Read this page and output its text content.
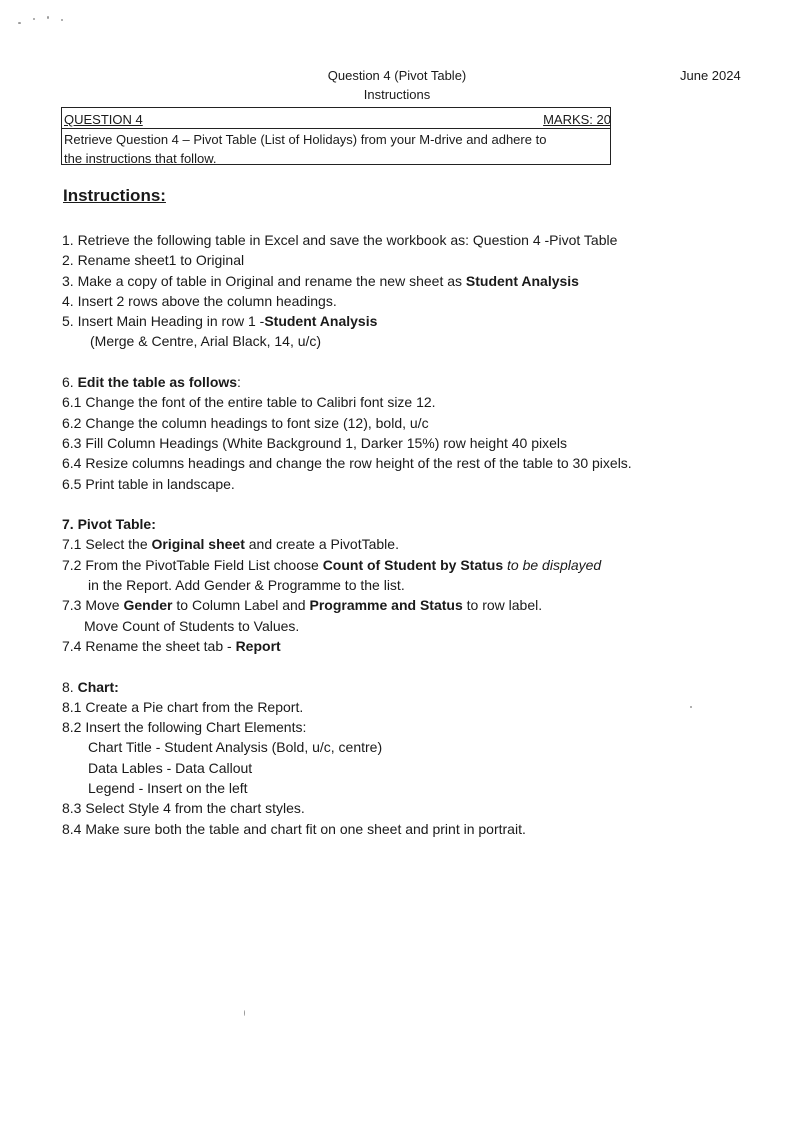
Question 4 (Pivot Table)
Instructions
June 2024
QUESTION 4	MARKS: 20
Retrieve Question 4 – Pivot Table (List of Holidays) from your M-drive and adhere to
the instructions that follow.
Instructions:
1. Retrieve the following table in Excel and save the workbook as: Question 4 -Pivot Table
2. Rename sheet1 to Original
3. Make a copy of table in Original and rename the new sheet as Student Analysis
4. Insert 2 rows above the column headings.
5. Insert Main Heading in row 1 -Student Analysis
(Merge & Centre, Arial Black, 14, u/c)
6. Edit the table as follows:
6.1 Change the font of the entire table to Calibri font size 12.
6.2 Change the column headings to font size (12), bold, u/c
6.3 Fill Column Headings (White Background 1, Darker 15%) row height 40 pixels
6.4 Resize columns headings and change the row height of the rest of the table to 30 pixels.
6.5 Print table in landscape.
7. Pivot Table:
7.1 Select the Original sheet and create a PivotTable.
7.2 From the PivotTable Field List choose Count of Student by Status to be displayed
in the Report. Add Gender & Programme to the list.
7.3 Move Gender to Column Label and Programme and Status to row label.
Move Count of Students to Values.
7.4 Rename the sheet tab - Report
8. Chart:
8.1 Create a Pie chart from the Report.
8.2 Insert the following Chart Elements:
Chart Title - Student Analysis (Bold, u/c, centre)
Data Lables - Data Callout
Legend - Insert on the left
8.3 Select Style 4 from the chart styles.
8.4 Make sure both the table and chart fit on one sheet and print in portrait.
